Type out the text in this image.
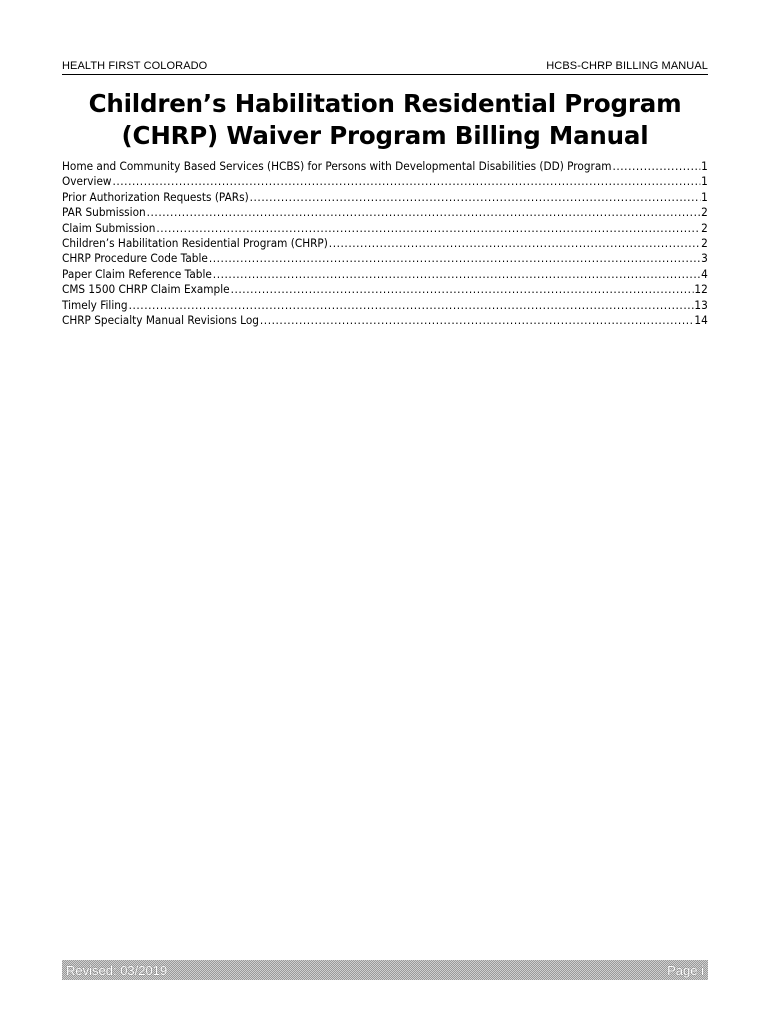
HEALTH FIRST COLORADO	HCBS-CHRP BILLING MANUAL
Children’s Habilitation Residential Program
(CHRP) Waiver Program Billing Manual
Home and Community Based Services (HCBS) for Persons with Developmental Disabilities (DD) Program .....	1
Overview .....	1
Prior Authorization Requests (PARs) .....	1
PAR Submission .....	2
Claim Submission .....	2
Children’s Habilitation Residential Program (CHRP) .....	2
CHRP Procedure Code Table .....	3
Paper Claim Reference Table .....	4
CMS 1500 CHRP Claim Example .....	12
Timely Filing .....	13
CHRP Specialty Manual Revisions Log .....	14
Revised: 03/2019	Page i
